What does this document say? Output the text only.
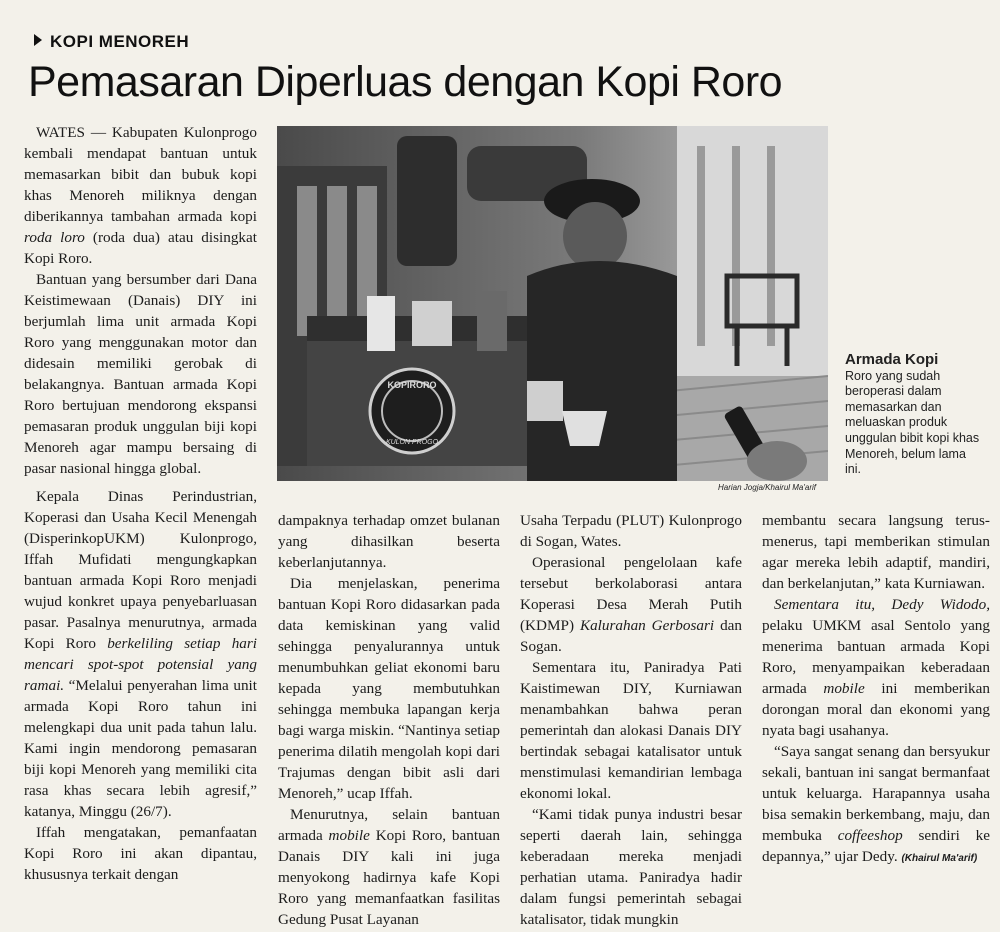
KOPI MENOREH
Pemasaran Diperluas dengan Kopi Roro

WATES — Kabupaten Kulonprogo kembali mendapat bantuan untuk memasarkan bibit dan bubuk kopi khas Menoreh miliknya dengan diberikannya tambahan armada kopi roda loro (roda dua) atau disingkat Kopi Roro.

Bantuan yang bersumber dari Dana Keistimewaan (Danais) DIY ini berjumlah lima unit armada Kopi Roro yang menggunakan motor dan didesain memiliki gerobak di belakangnya. Bantuan armada Kopi Roro bertujuan mendorong ekspansi pemasaran produk unggulan biji kopi Menoreh agar mampu bersaing di pasar nasional hingga global.

Kepala Dinas Perindustrian, Koperasi dan Usaha Kecil Menengah (DisperinkopUKM) Kulonprogo, Iffah Mufidati mengungkapkan bantuan armada Kopi Roro menjadi wujud konkret upaya penyebarluasan pasar. Pasalnya menurutnya, armada Kopi Roro berkeliling setiap hari mencari spot-spot potensial yang ramai. “Melalui penyerahan lima unit armada Kopi Roro tahun ini melengkapi dua unit pada tahun lalu. Kami ingin mendorong pemasaran biji kopi Menoreh yang memiliki cita rasa khas secara lebih agresif,” katanya, Minggu (26/7).

Iffah mengatakan, pemanfaatan Kopi Roro ini akan dipantau, khususnya terkait dengan

KOPIRORO
KULON PROGO
Harian Jogja/Khairul Ma'arif
Armada Kopi
Roro yang sudah beroperasi dalam memasarkan dan meluaskan produk unggulan bibit kopi khas Menoreh, belum lama ini.

dampaknya terhadap omzet bulanan yang dihasilkan beserta keberlanjutannya.

Dia menjelaskan, penerima bantuan Kopi Roro didasarkan pada data kemiskinan yang valid sehingga penyalurannya untuk menumbuhkan geliat ekonomi baru kepada yang membutuhkan sehingga membuka lapangan kerja bagi warga miskin. “Nantinya setiap penerima dilatih mengolah kopi dari Trajumas dengan bibit asli dari Menoreh,” ucap Iffah.

Menurutnya, selain bantuan armada mobile Kopi Roro, bantuan Danais DIY kali ini juga menyokong hadirnya kafe Kopi Roro yang memanfaatkan fasilitas Gedung Pusat Layanan

Usaha Terpadu (PLUT) Kulonprogo di Sogan, Wates.

Operasional pengelolaan kafe tersebut berkolaborasi antara Koperasi Desa Merah Putih (KDMP) Kalurahan Gerbosari dan Sogan.

Sementara itu, Paniradya Pati Kaistimewan DIY, Kurniawan menambahkan bahwa peran pemerintah dan alokasi Danais DIY bertindak sebagai katalisator untuk menstimulasi kemandirian lembaga ekonomi lokal.

“Kami tidak punya industri besar seperti daerah lain, sehingga keberadaan mereka menjadi perhatian utama. Paniradya hadir dalam fungsi pemerintah sebagai katalisator, tidak mungkin

membantu secara langsung terus-menerus, tapi memberikan stimulan agar mereka lebih adaptif, mandiri, dan berkelanjutan,” kata Kurniawan.

Sementara itu, Dedy Widodo, pelaku UMKM asal Sentolo yang menerima bantuan armada Kopi Roro, menyampaikan keberadaan armada mobile ini memberikan dorongan moral dan ekonomi yang nyata bagi usahanya.

“Saya sangat senang dan bersyukur sekali, bantuan ini sangat bermanfaat untuk keluarga. Harapannya usaha bisa semakin berkembang, maju, dan membuka coffeeshop sendiri ke depannya,” ujar Dedy. (Khairul Ma'arif)
